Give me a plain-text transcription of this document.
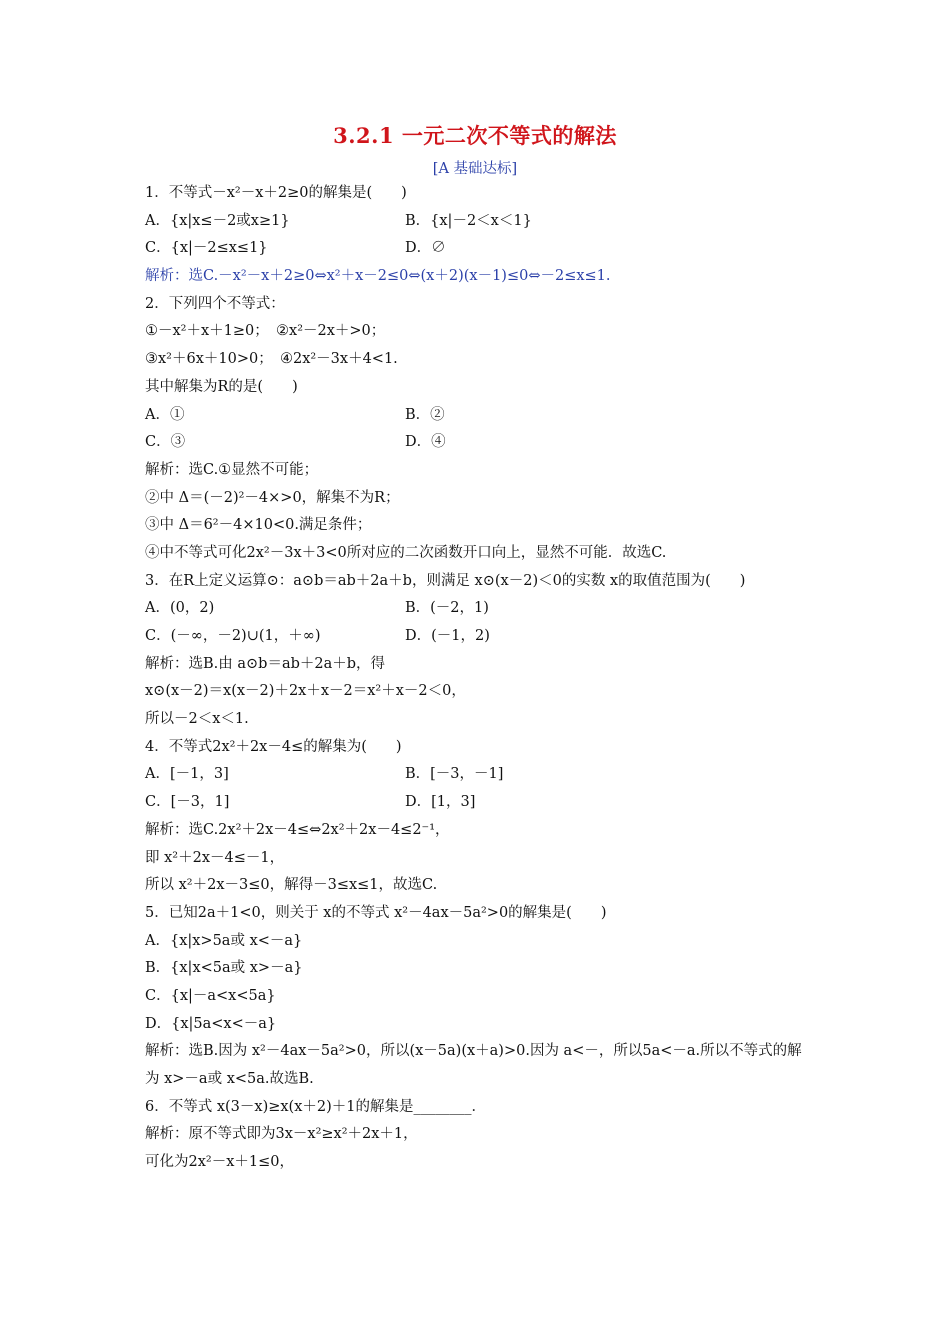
3.2.1 一元二次不等式的解法
[A 基础达标]
1．不等式－x²－x＋2≥0的解集是(　　)
A．{x|x≤－2或x≥1}	B．{x|－2＜x＜1}
C．{x|－2≤x≤1}	D．∅
解析：选C.－x²－x＋2≥0⇔x²＋x－2≤0⇔(x＋2)(x－1)≤0⇔－2≤x≤1.
2．下列四个不等式：
①－x²＋x＋1≥0；　②x²－2x＋>0；
③x²＋6x＋10>0；　④2x²－3x＋4<1.
其中解集为R的是(　　)
A．①	B．②
C．③	D．④
解析：选C.①显然不可能；
②中 Δ＝(－2)²－4×>0，解集不为R；
③中 Δ＝6²－4×10<0.满足条件；
④中不等式可化2x²－3x＋3<0所对应的二次函数开口向上，显然不可能．故选C.
3．在R上定义运算⊙：a⊙b＝ab＋2a＋b，则满足 x⊙(x－2)＜0的实数 x的取值范围为(　　)
A．(0，2)	B．(－2，1)
C．(－∞，－2)∪(1，＋∞)	D．(－1，2)
解析：选B.由 a⊙b＝ab＋2a＋b，得
x⊙(x－2)＝x(x－2)＋2x＋x－2＝x²＋x－2＜0，
所以－2＜x＜1.
4．不等式2x²＋2x－4≤的解集为(　　)
A．[－1，3]	B．[－3，－1]
C．[－3，1]	D．[1，3]
解析：选C.2x²＋2x－4≤⇔2x²＋2x－4≤2⁻¹，
即 x²＋2x－4≤－1，
所以 x²＋2x－3≤0，解得－3≤x≤1，故选C.
5．已知2a＋1<0，则关于 x的不等式 x²－4ax－5a²>0的解集是(　　)
A．{x|x>5a或 x<－a}
B．{x|x<5a或 x>－a}
C．{x|－a<x<5a}
D．{x|5a<x<－a}
解析：选B.因为 x²－4ax－5a²>0，所以(x－5a)(x＋a)>0.因为 a<－，所以5a<－a.所以不等式的解为 x>－a或 x<5a.故选B.
6．不等式 x(3－x)≥x(x＋2)＋1的解集是________．
解析：原不等式即为3x－x²≥x²＋2x＋1，
可化为2x²－x＋1≤0，
